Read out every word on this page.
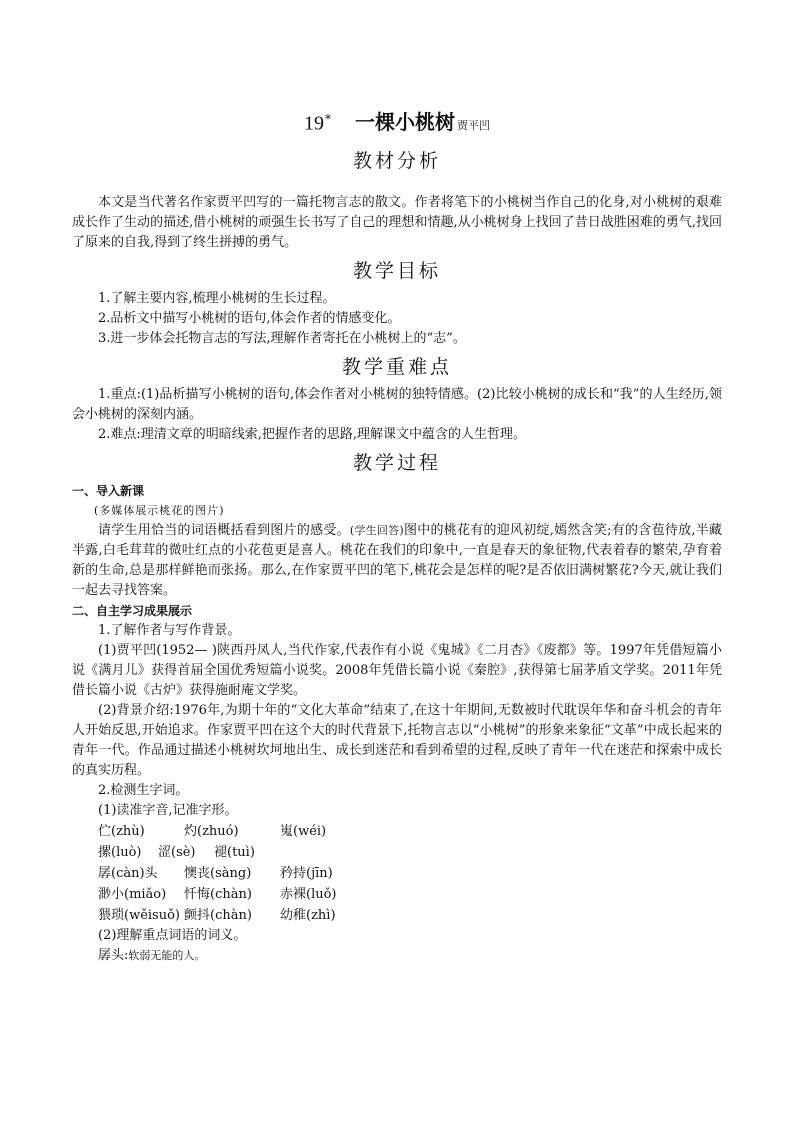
19* 一棵小桃树 贾平凹
教材分析

本文是当代著名作家贾平凹写的一篇托物言志的散文。作者将笔下的小桃树当作自己的化身,对小桃树的艰难成长作了生动的描述,借小桃树的顽强生长书写了自己的理想和情趣,从小桃树身上找回了昔日战胜困难的勇气,找回了原来的自我,得到了终生拼搏的勇气。

教学目标

1.了解主要内容,梳理小桃树的生长过程。

2.品析文中描写小桃树的语句,体会作者的情感变化。

3.进一步体会托物言志的写法,理解作者寄托在小桃树上的“志”。

教学重难点

1.重点:(1)品析描写小桃树的语句,体会作者对小桃树的独特情感。(2)比较小桃树的成长和“我”的人生经历,领会小桃树的深刻内涵。

2.难点:理清文章的明暗线索,把握作者的思路,理解课文中蕴含的人生哲理。

教学过程

一、导入新课

(多媒体展示桃花的图片)

请学生用恰当的词语概括看到图片的感受。(学生回答)图中的桃花有的迎风初绽,嫣然含笑;有的含苞待放,半藏半露,白毛茸茸的微吐红点的小花苞更是喜人。桃花在我们的印象中,一直是春天的象征物,代表着春的繁荣,孕育着新的生命,总是那样鲜艳而张扬。那么,在作家贾平凹的笔下,桃花会是怎样的呢?是否依旧满树繁花?今天,就让我们一起去寻找答案。

二、自主学习成果展示

1.了解作者与写作背景。

(1)贾平凹(1952— )陕西丹凤人,当代作家,代表作有小说《鬼城》《二月杏》《废都》等。1997年凭借短篇小说《满月儿》获得首届全国优秀短篇小说奖。2008年凭借长篇小说《秦腔》,获得第七届茅盾文学奖。2011年凭借长篇小说《古炉》获得施耐庵文学奖。

(2)背景介绍:1976年,为期十年的“文化大革命”结束了,在这十年期间,无数被时代耽误年华和奋斗机会的青年人开始反思,开始追求。作家贾平凹在这个大的时代背景下,托物言志以“小桃树”的形象来象征“文革”中成长起来的青年一代。作品通过描述小桃树坎坷地出生、成长到迷茫和看到希望的过程,反映了青年一代在迷茫和探索中成长的真实历程。

2.检测生字词。

(1)读准字音,记准字形。

伫(zhù)	灼(zhuó)	嵬(wéi)
摞(luò) 涩(sè) 褪(tuì)
孱(càn)头 懊丧(sàng) 矜持(jīn)
渺小(miǎo) 忏悔(chàn) 赤裸(luǒ)
猥琐(wěisuǒ) 颤抖(chàn) 幼稚(zhì)

(2)理解重点词语的词义。

孱头:软弱无能的人。
